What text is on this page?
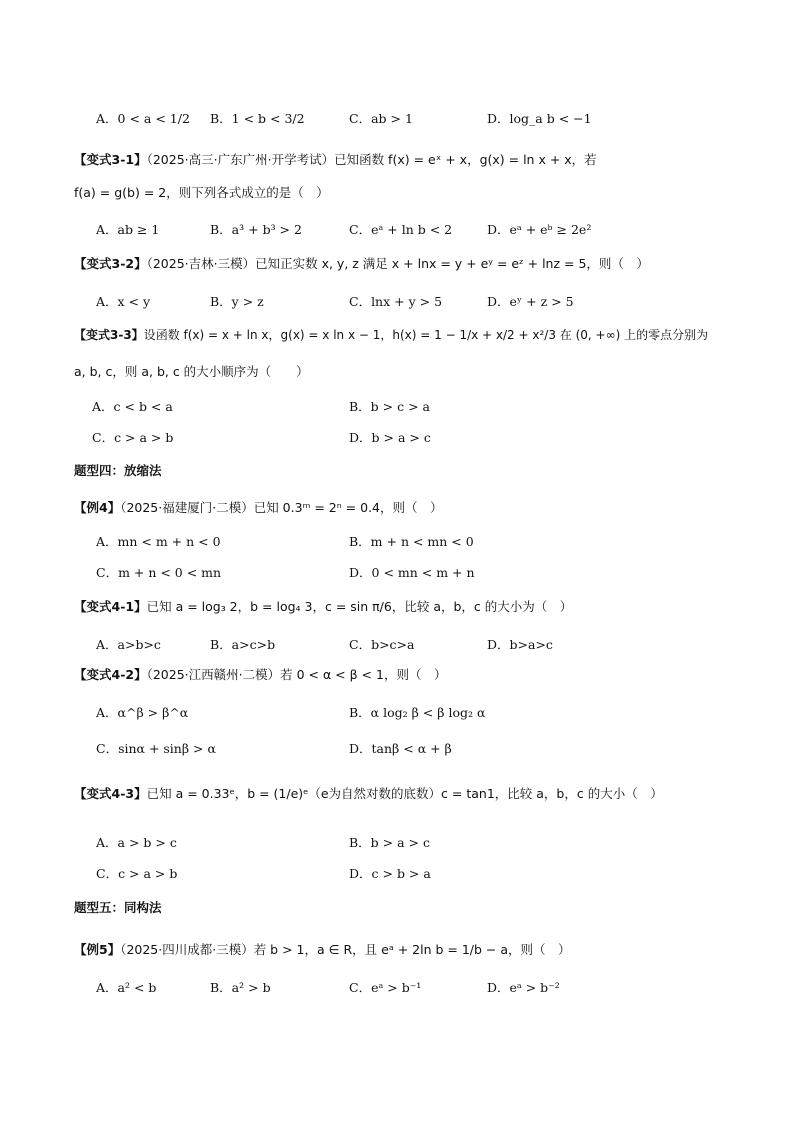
A．0 < a < 1/2 B．1 < b < 3/2	C．ab > 1	D．log_a b < −1
【变式3-1】（2025·高三·广东广州·开学考试）已知函数 f(x) = eˣ + x，g(x) = ln x + x，若
f(a) = g(b) = 2，则下列各式成立的是（　）
A．ab ≥ 1	B．a³ + b³ > 2	C．eᵃ + ln b < 2	D．eᵃ + eᵇ ≥ 2e²
【变式3-2】（2025·吉林·三模）已知正实数 x, y, z 满足 x + lnx = y + eʸ = eᶻ + lnz = 5，则（　）
A．x < y	B．y > z	C．lnx + y > 5	D．eʸ + z > 5
【变式3-3】设函数 f(x) = x + ln x，g(x) = x ln x − 1，h(x) = 1 − 1/x + x/2 + x²/3 在 (0, +∞) 上的零点分别为
a, b, c，则 a, b, c 的大小顺序为（　　）
A．c < b < a	B．b > c > a
C．c > a > b	D．b > a > c
题型四：放缩法
【例4】（2025·福建厦门·二模）已知 0.3ᵐ = 2ⁿ = 0.4，则（　）
A．mn < m + n < 0	B．m + n < mn < 0
C．m + n < 0 < mn	D．0 < mn < m + n
【变式4-1】已知 a = log₃ 2，b = log₄ 3，c = sin π/6，比较 a，b，c 的大小为（　）
A．a>b>c	B．a>c>b	C．b>c>a	D．b>a>c
【变式4-2】（2025·江西赣州·二模）若 0 < α < β < 1，则（　）
A．α^β > β^α	B．α log₂ β < β log₂ α
C．sinα + sinβ > α	D．tanβ < α + β
【变式4-3】已知 a = 0.33ᵉ，b = (1/e)ᵉ（e为自然对数的底数）c = tan1，比较 a，b，c 的大小（　）
A．a > b > c	B．b > a > c
C．c > a > b	D．c > b > a
题型五：同构法
【例5】（2025·四川成都·三模）若 b > 1，a ∈ R，且 eᵃ + 2ln b = 1/b − a，则（　）
A．a² < b	B．a² > b	C．eᵃ > b⁻¹	D．eᵃ > b⁻²
